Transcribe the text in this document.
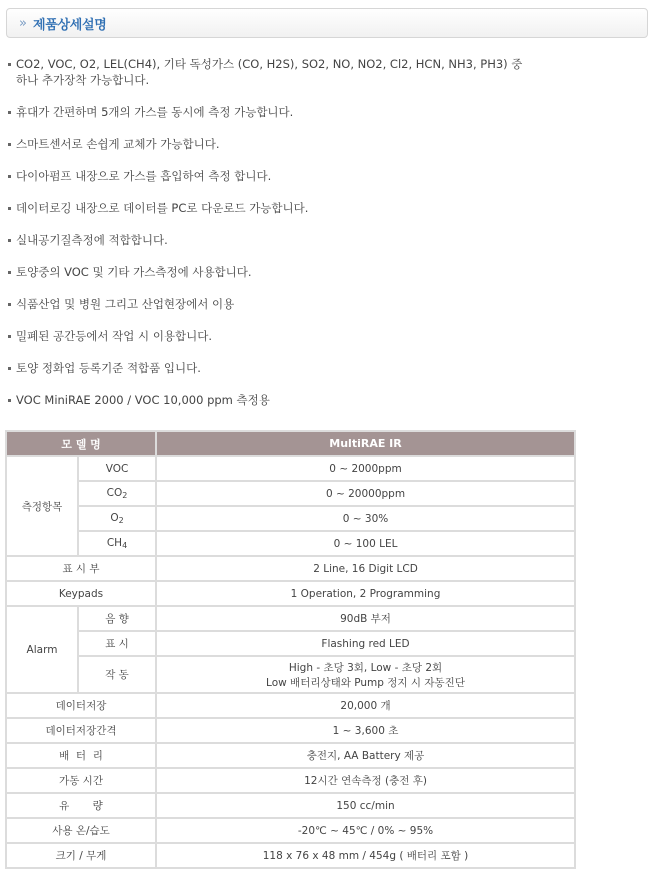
» 제품상세설명
CO2, VOC, O2, LEL(CH4), 기타 독성가스 (CO, H2S), SO2, NO, NO2, Cl2, HCN, NH3, PH3) 중
하나 추가장착 가능합니다.
휴대가 간편하며 5개의 가스를 동시에 측정 가능합니다.
스마트센서로 손쉽게 교체가 가능합니다.
다이아펌프 내장으로 가스를 흡입하여 측정 합니다.
데이터로깅 내장으로 데이터를 PC로 다운로드 가능합니다.
실내공기질측정에 적합합니다.
토양중의 VOC 및 기타 가스측정에 사용합니다.
식품산업 및 병원 그리고 산업현장에서 이용
밀폐된 공간등에서 작업 시 이용합니다.
토양 정화업 등록기준 적합품 입니다.
VOC MiniRAE 2000 / VOC 10,000 ppm 측정용
모 델 명		MultiRAE IR
측정항목	VOC	0 ~ 2000ppm
	$CO_2$	0 ~ 20000ppm
	$O_2$	0 ~ 30%
	$CH_4$	0 ~ 100 LEL
표 시 부		2 Line, 16 Digit LCD
Keypads		1 Operation, 2 Programming
Alarm	음 향	90dB 부저
	표 시	Flashing red LED
	작 동	High - 초당 3회, Low - 초당 2회
Low 배터리상태와 Pump 정지 시 자동진단

데이터저장		20,000 개
데이터저장간격		1 ~ 3,600 초
배  터  리		충전지, AA Battery 제공
가동 시간		12시간 연속측정 (충전 후)
유       량		150 cc/min
사용 온/습도		-20℃ ~ 45℃ / 0% ~ 95%
크기 / 무게		118 x 76 x 48 mm / 454g ( 배터리 포함 )
